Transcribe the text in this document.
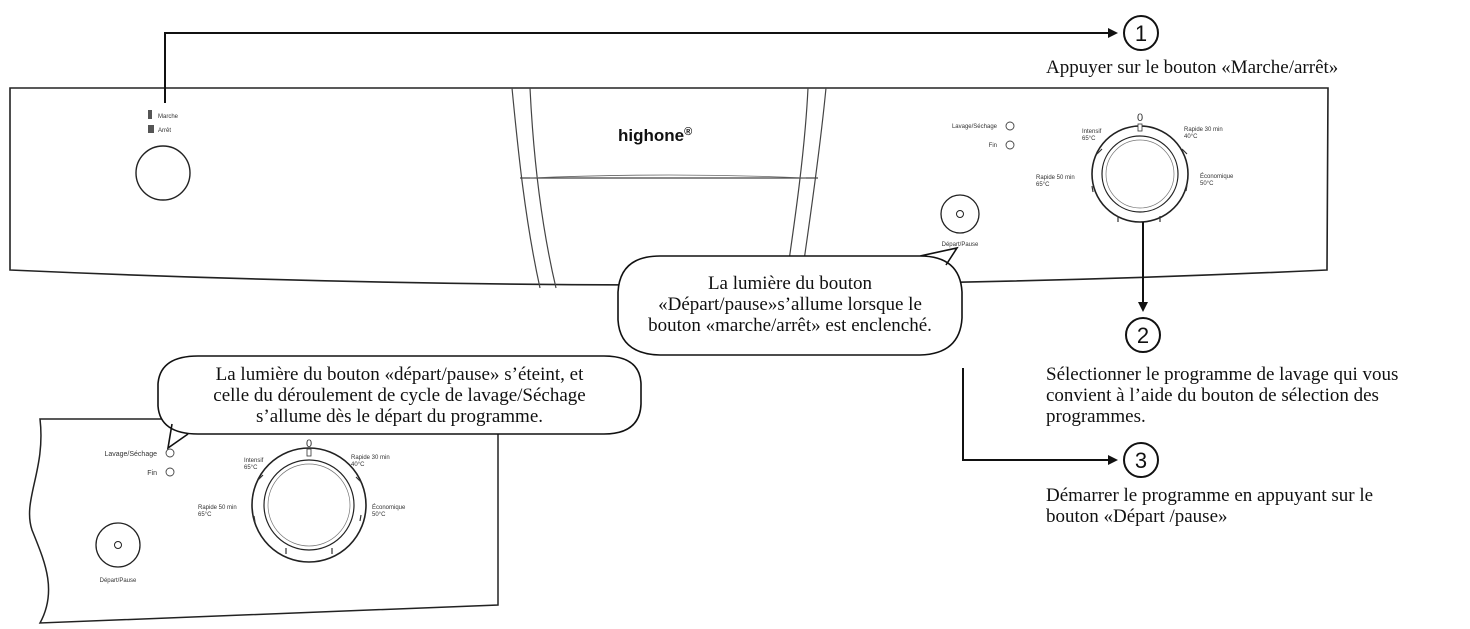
Marche
Arrêt	highone®	Lavage/Séchage
Fin
Départ/Pause
0
Intensif
65°C
Rapide 30 min
40°C
Rapide 50 min
65°C
Économique
50°C
Lavage/Séchage
Fin
Départ/Pause
0
Intensif
65°C
Rapide 30 min
40°C
Rapide 50 min
65°C
Économique
50°C
1
2
3
Appuyer sur le bouton «Marche/arrêt»
Sélectionner le programme de lavage qui vous
convient à l’aide du bouton de sélection des
programmes.
Démarrer le programme en appuyant sur le
bouton «Départ /pause»
La lumière du bouton
«Départ/pause»s’allume lorsque le
bouton «marche/arrêt» est enclenché.
La lumière du bouton «départ/pause» s’éteint, et
celle du déroulement de cycle de lavage/Séchage
s’allume dès le départ du programme.
